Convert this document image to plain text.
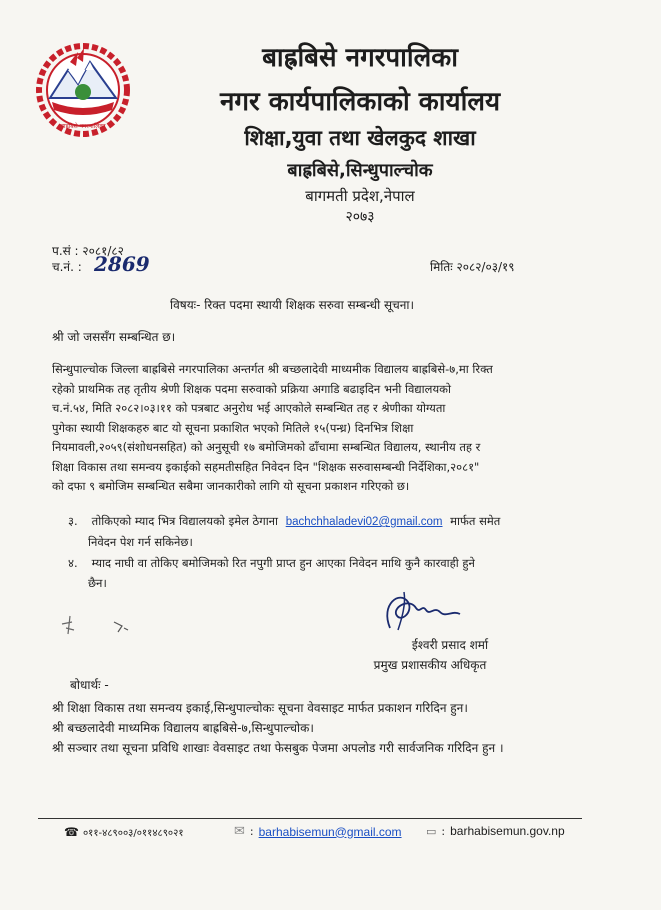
बाह्रबिसे नगरपालिका
बाह्रबिसे नगरपालिका
नगर कार्यपालिकाको कार्यालय
शिक्षा,युवा तथा खेलकुद शाखा
बाह्रबिसे,सिन्धुपाल्चोक
बागमती प्रदेश,नेपाल
२०७३
प.सं : २०८१/८२
च.नं. : 2869	मितिः २०८२/०३/१९
विषयः- रिक्त पदमा स्थायी शिक्षक सरुवा सम्बन्धी सूचना।
श्री जो जससँग सम्बन्धित छ।
सिन्धुपाल्चोक जिल्ला बाह्रबिसे नगरपालिका अन्तर्गत श्री बच्छलादेवी माध्यमीक विद्यालय बाह्रबिसे-७,मा रिक्त
रहेको प्राथमिक तह तृतीय श्रेणी शिक्षक पदमा सरुवाको प्रक्रिया अगाडि बढाइदिन भनी विद्यालयको
च.नं.५४, मिति २०८२।०३।११ को पत्रबाट अनुरोध भई आएकोले सम्बन्धित तह र श्रेणीका योग्यता
पुगेका स्थायी शिक्षकहरु बाट यो सूचना प्रकाशित भएको मितिले १५(पन्ध्र) दिनभित्र शिक्षा
नियमावली,२०५९(संशोधनसहित) को अनुसूची १७ बमोजिमको ढाँचामा सम्बन्धित विद्यालय, स्थानीय तह र
शिक्षा विकास तथा समन्वय इकाईको सहमतीसहित निवेदन दिन "शिक्षक सरुवासम्बन्धी निर्देशिका,२०८१"
को दफा ९ बमोजिम सम्बन्धित सबैमा जानकारीको लागि यो सूचना प्रकाशन गरिएको छ।
३. तोकिएको म्याद भित्र विद्यालयको इमेल ठेगाना bachchhaladevi02@gmail.com मार्फत समेत
निवेदन पेश गर्न सकिनेछ।
४. म्याद नाघी वा तोकिए बमोजिमको रित नपुगी प्राप्त हुन आएका निवेदन माथि कुनै कारवाही हुने
छैन।
ईश्वरी प्रसाद शर्मा
प्रमुख प्रशासकीय अधिकृत
बोधार्थः -
श्री शिक्षा विकास तथा समन्वय इकाई,सिन्धुपाल्चोकः सूचना वेवसाइट मार्फत प्रकाशन गरिदिन हुन।
श्री बच्छलादेवी माध्यमिक विद्यालय बाह्रबिसे-७,सिन्धुपाल्चोक।
श्री सञ्चार तथा सूचना प्रविधि शाखाः वेवसाइट तथा फेसबुक पेजमा अपलोड गरी सार्वजनिक गरिदिन हुन ।
☎ ०११-४८९००३/०११४८९०२१	✉ : barhabisemun@gmail.com ▭ : barhabisemun.gov.np
